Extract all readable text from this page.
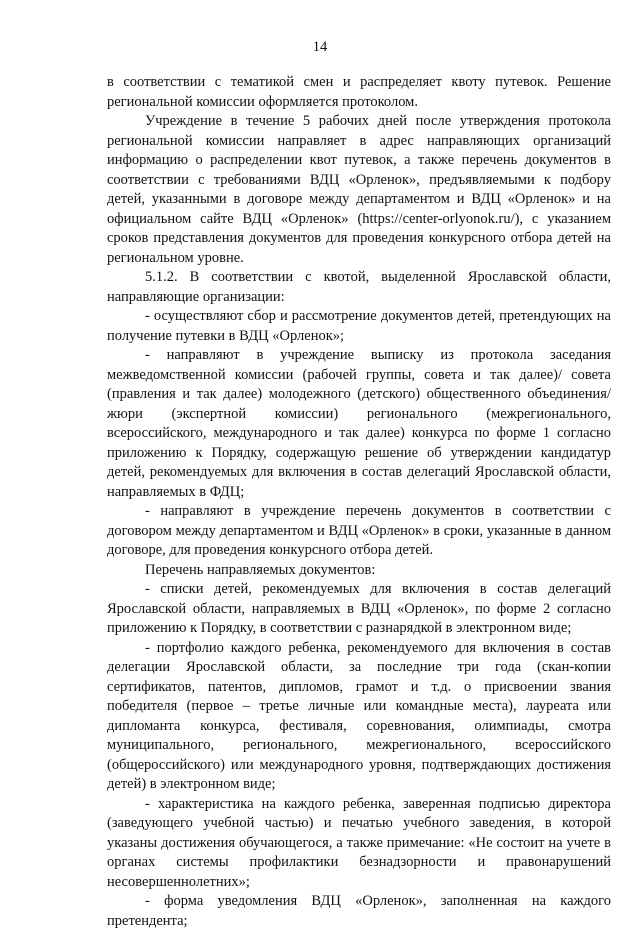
14

в соответствии с тематикой смен и распределяет квоту путевок. Решение региональной комиссии оформляется протоколом.

Учреждение в течение 5 рабочих дней после утверждения протокола региональной комиссии направляет в адрес направляющих организаций информацию о распределении квот путевок, а также перечень документов в соответствии с требованиями ВДЦ «Орленок», предъявляемыми к подбору детей, указанными в договоре между департаментом и ВДЦ «Орленок» и на официальном сайте ВДЦ «Орленок» (https://center-orlyonok.ru/), с указанием сроков представления документов для проведения конкурсного отбора детей на региональном уровне.

5.1.2. В соответствии с квотой, выделенной Ярославской области, направляющие организации:

- осуществляют сбор и рассмотрение документов детей, претендующих на получение путевки в ВДЦ «Орленок»;

- направляют в учреждение выписку из протокола заседания межведомственной комиссии (рабочей группы, совета и так далее)/ совета (правления и так далее) молодежного (детского) общественного объединения/ жюри (экспертной комиссии) регионального (межрегионального, всероссийского, международного и так далее) конкурса по форме 1 согласно приложению к Порядку, содержащую решение об утверждении кандидатур детей, рекомендуемых для включения в состав делегаций Ярославской области, направляемых в ФДЦ;

- направляют в учреждение перечень документов в соответствии с договором между департаментом и ВДЦ «Орленок» в сроки, указанные в данном договоре, для проведения конкурсного отбора детей.

Перечень направляемых документов:

- списки детей, рекомендуемых для включения в состав делегаций Ярославской области, направляемых в ВДЦ «Орленок», по форме 2 согласно приложению к Порядку, в соответствии с разнарядкой в электронном виде;

- портфолио каждого ребенка, рекомендуемого для включения в состав делегации Ярославской области, за последние три года (скан-копии сертификатов, патентов, дипломов, грамот и т.д. о присвоении звания победителя (первое – третье личные или командные места), лауреата или дипломанта конкурса, фестиваля, соревнования, олимпиады, смотра муниципального, регионального, межрегионального, всероссийского (общероссийского) или международного уровня, подтверждающих достижения детей) в электронном виде;

- характеристика на каждого ребенка, заверенная подписью директора (заведующего учебной частью) и печатью учебного заведения, в которой указаны достижения обучающегося, а также примечание: «Не состоит на учете в органах системы профилактики безнадзорности и правонарушений несовершеннолетних»;

- форма уведомления ВДЦ «Орленок», заполненная на каждого претендента;
